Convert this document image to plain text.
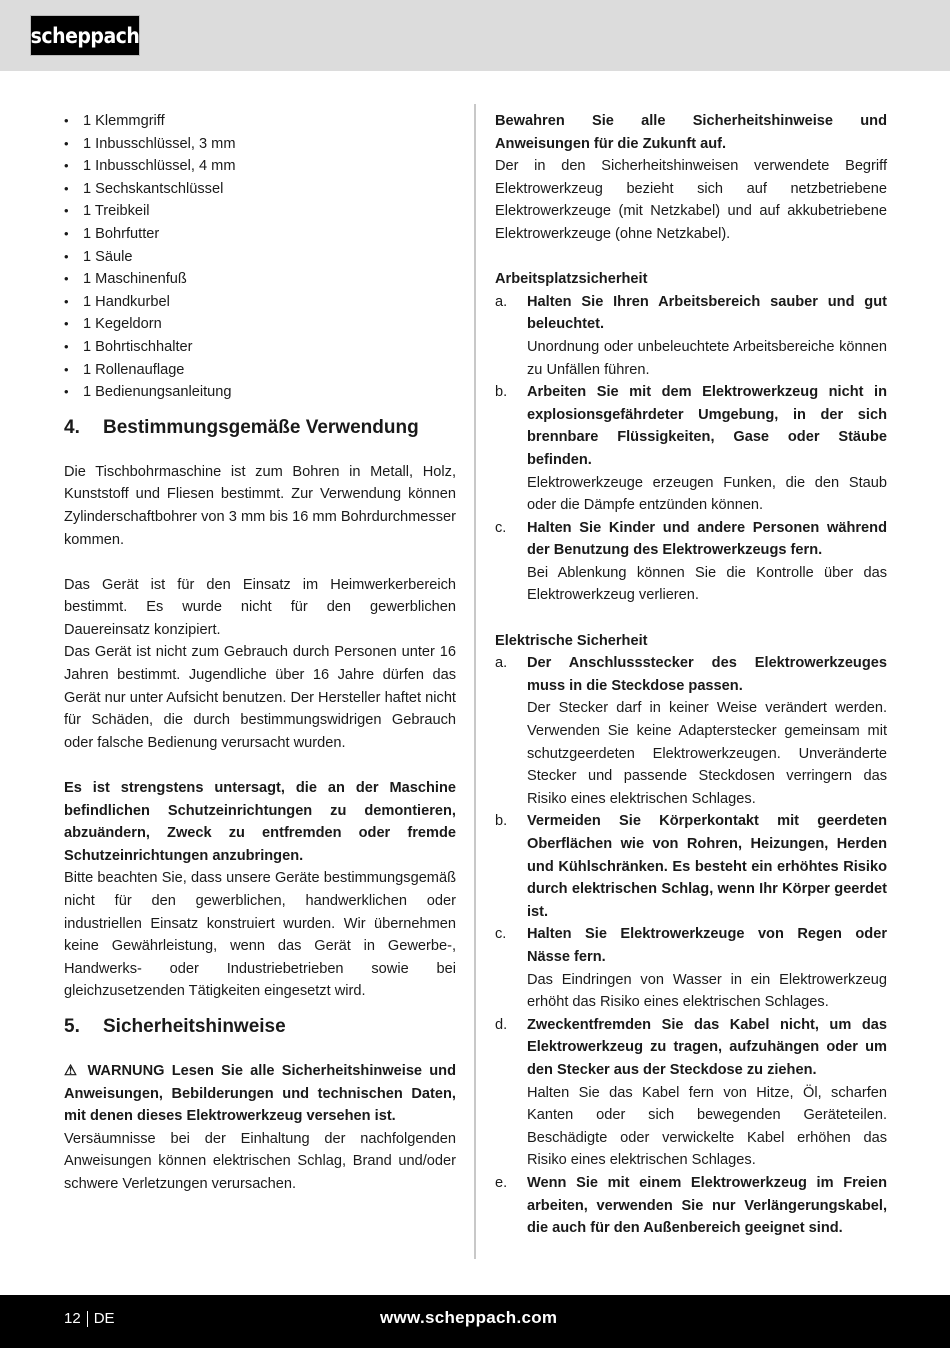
scheppach
• 1 Klemmgriff
• 1 Inbusschlüssel, 3 mm
• 1 Inbusschlüssel, 4 mm
• 1 Sechskantschlüssel
• 1 Treibkeil
• 1 Bohrfutter
• 1 Säule
• 1 Maschinenfuß
• 1 Handkurbel
• 1 Kegeldorn
• 1 Bohrtischhalter
• 1 Rollenauflage
• 1 Bedienungsanleitung
4.	Bestimmungsgemäße Verwendung

Die Tischbohrmaschine ist zum Bohren in Metall, Holz, Kunststoff und Fliesen bestimmt. Zur Verwendung können Zylinderschaftbohrer von 3 mm bis 16 mm Bohrdurchmesser kommen.

Das Gerät ist für den Einsatz im Heimwerkerbereich bestimmt. Es wurde nicht für den gewerblichen Dauereinsatz konzipiert.

Das Gerät ist nicht zum Gebrauch durch Personen unter 16 Jahren bestimmt. Jugendliche über 16 Jahre dürfen das Gerät nur unter Aufsicht benutzen. Der Hersteller haftet nicht für Schäden, die durch bestimmungswidrigen Gebrauch oder falsche Bedienung verursacht wurden.

Es ist strengstens untersagt, die an der Maschine befindlichen Schutzeinrichtungen zu demontieren, abzuändern, Zweck zu entfremden oder fremde Schutzeinrichtungen anzubringen.

Bitte beachten Sie, dass unsere Geräte bestimmungsgemäß nicht für den gewerblichen, handwerklichen oder industriellen Einsatz konstruiert wurden. Wir übernehmen keine Gewährleistung, wenn das Gerät in Gewerbe-, Handwerks- oder Industriebetrieben sowie bei gleichzusetzenden Tätigkeiten eingesetzt wird.

5.	Sicherheitshinweise

⚠ WARNUNG Lesen Sie alle Sicherheitshinweise und Anweisungen, Bebilderungen und technischen Daten, mit denen dieses Elektrowerkzeug versehen ist.

Versäumnisse bei der Einhaltung der nachfolgenden Anweisungen können elektrischen Schlag, Brand und/oder schwere Verletzungen verursachen.

Bewahren Sie alle Sicherheitshinweise und Anweisungen für die Zukunft auf.

Der in den Sicherheitshinweisen verwendete Begriff Elektrowerkzeug bezieht sich auf netzbetriebene Elektrowerkzeuge (mit Netzkabel) und auf akkubetriebene Elektrowerkzeuge (ohne Netzkabel).

Arbeitsplatzsicherheit
a.	Halten Sie Ihren Arbeitsbereich sauber und gut beleuchtet.
Unordnung oder unbeleuchtete Arbeitsbereiche können zu Unfällen führen.
b.	Arbeiten Sie mit dem Elektrowerkzeug nicht in explosionsgefährdeter Umgebung, in der sich brennbare Flüssigkeiten, Gase oder Stäube befinden.
Elektrowerkzeuge erzeugen Funken, die den Staub oder die Dämpfe entzünden können.
c.	Halten Sie Kinder und andere Personen während der Benutzung des Elektrowerkzeugs fern.
Bei Ablenkung können Sie die Kontrolle über das Elektrowerkzeug verlieren.
Elektrische Sicherheit
a.	Der Anschlussstecker des Elektrowerkzeuges muss in die Steckdose passen.
Der Stecker darf in keiner Weise verändert werden. Verwenden Sie keine Adapterstecker gemeinsam mit schutzgeerdeten Elektrowerkzeugen. Unveränderte Stecker und passende Steckdosen verringern das Risiko eines elektrischen Schlages.
b.	Vermeiden Sie Körperkontakt mit geerdeten Oberflächen wie von Rohren, Heizungen, Herden und Kühlschränken. Es besteht ein erhöhtes Risiko durch elektrischen Schlag, wenn Ihr Körper geerdet ist.
c.	Halten Sie Elektrowerkzeuge von Regen oder Nässe fern.
Das Eindringen von Wasser in ein Elektrowerkzeug erhöht das Risiko eines elektrischen Schlages.
d.	Zweckentfremden Sie das Kabel nicht, um das Elektrowerkzeug zu tragen, aufzuhängen oder um den Stecker aus der Steckdose zu ziehen.
Halten Sie das Kabel fern von Hitze, Öl, scharfen Kanten oder sich bewegenden Geräteteilen. Beschädigte oder verwickelte Kabel erhöhen das Risiko eines elektrischen Schlages.
e.	Wenn Sie mit einem Elektrowerkzeug im Freien arbeiten, verwenden Sie nur Verlängerungskabel, die auch für den Außenbereich geeignet sind.
12 DE	www.scheppach.com
